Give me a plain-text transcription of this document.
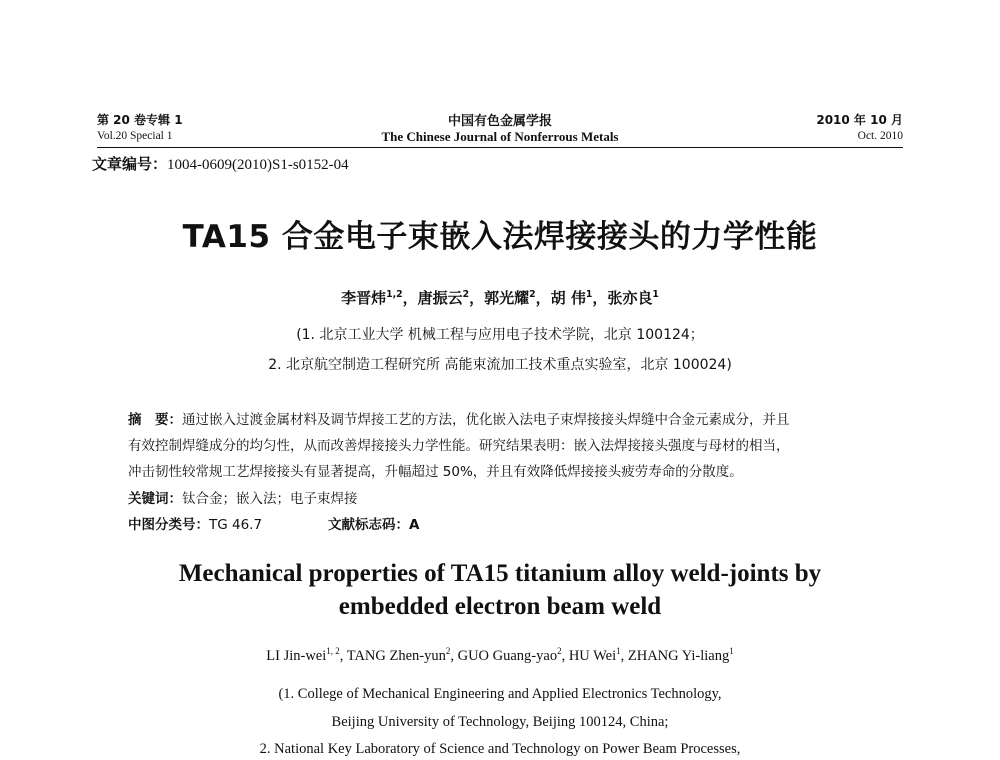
第 20 卷专辑 1
Vol.20 Special 1
中国有色金属学报
The Chinese Journal of Nonferrous Metals
2010 年 10 月
Oct. 2010
文章编号：1004-0609(2010)S1-s0152-04
TA15 合金电子束嵌入法焊接接头的力学性能
李晋炜$^{1,2}$，唐振云$^2$，郭光耀$^2$，胡 伟$^1$，张亦良$^1$
(1. 北京工业大学 机械工程与应用电子技术学院，北京 100124；
2. 北京航空制造工程研究所 高能束流加工技术重点实验室，北京 100024)
摘　要：通过嵌入过渡金属材料及调节焊接工艺的方法，优化嵌入法电子束焊接接头焊缝中合金元素成分，并且
有效控制焊缝成分的均匀性，从而改善焊接接头力学性能。研究结果表明：嵌入法焊接接头强度与母材的相当，
冲击韧性较常规工艺焊接接头有显著提高，升幅超过 50%，并且有效降低焊接接头疲劳寿命的分散度。
关键词：钛合金；嵌入法；电子束焊接
中图分类号：TG 46.7	文献标志码：A
Mechanical properties of TA15 titanium alloy weld-joints by
embedded electron beam weld
LI Jin-wei$^{1, 2}$, TANG Zhen-yun$^2$, GUO Guang-yao$^2$, HU Wei$^1$, ZHANG Yi-liang$^1$
(1. College of Mechanical Engineering and Applied Electronics Technology,
Beijing University of Technology, Beijing 100124, China;
2. National Key Laboratory of Science and Technology on Power Beam Processes,
